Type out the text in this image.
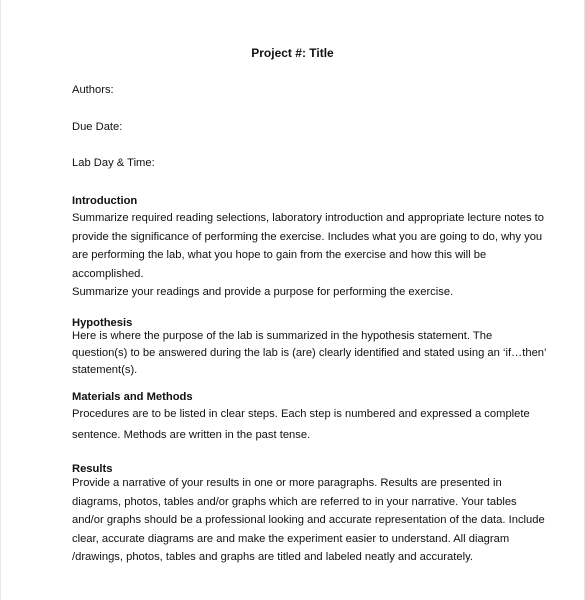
Project #: Title
Authors:
Due Date:
Lab Day & Time:
Introduction
Summarize required reading selections, laboratory introduction and appropriate lecture notes to
provide the significance of performing the exercise. Includes what you are going to do, why you
are performing the lab, what you hope to gain from the exercise and how this will be
accomplished.
Summarize your readings and provide a purpose for performing the exercise.
Hypothesis
Here is where the purpose of the lab is summarized in the hypothesis statement. The
question(s) to be answered during the lab is (are) clearly identified and stated using an ‘if…then’
statement(s).
Materials and Methods
Procedures are to be listed in clear steps. Each step is numbered and expressed a complete
sentence. Methods are written in the past tense.
Results
Provide a narrative of your results in one or more paragraphs. Results are presented in
diagrams, photos, tables and/or graphs which are referred to in your narrative. Your tables
and/or graphs should be a professional looking and accurate representation of the data. Include
clear, accurate diagrams are and make the experiment easier to understand. All diagram
/drawings, photos, tables and graphs are titled and labeled neatly and accurately.
